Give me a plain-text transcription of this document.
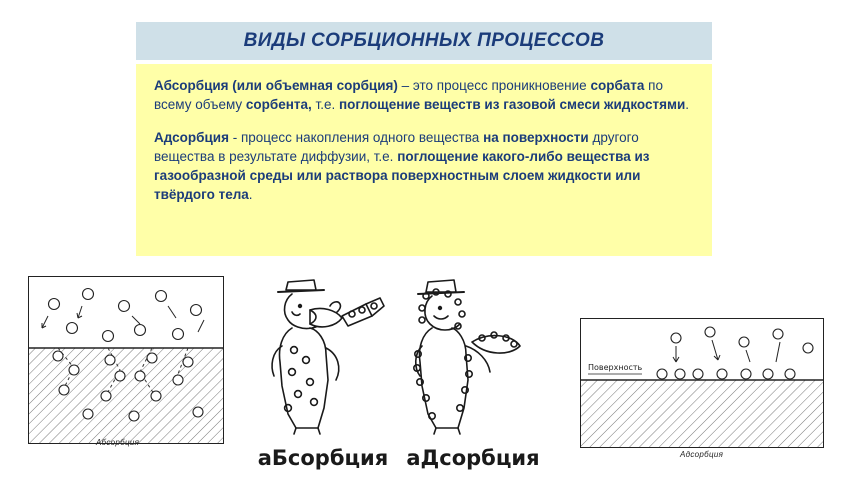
ВИДЫ СОРБЦИОННЫХ ПРОЦЕССОВ

Абсорбция (или объемная сорбция) – это процесс проникновение сорбата по всему объему сорбента, т.е. поглощение веществ из газовой смеси жидкостями.

Адсорбция - процесс накопления одного вещества на поверхности другого вещества в результате диффузии, т.е. поглощение какого-либо вещества из газообразной среды или раствора поверхностным слоем жидкости или твёрдого тела.

Абсорбция
аБсорбция аДсорбция
Поверхность
Адсорбция
